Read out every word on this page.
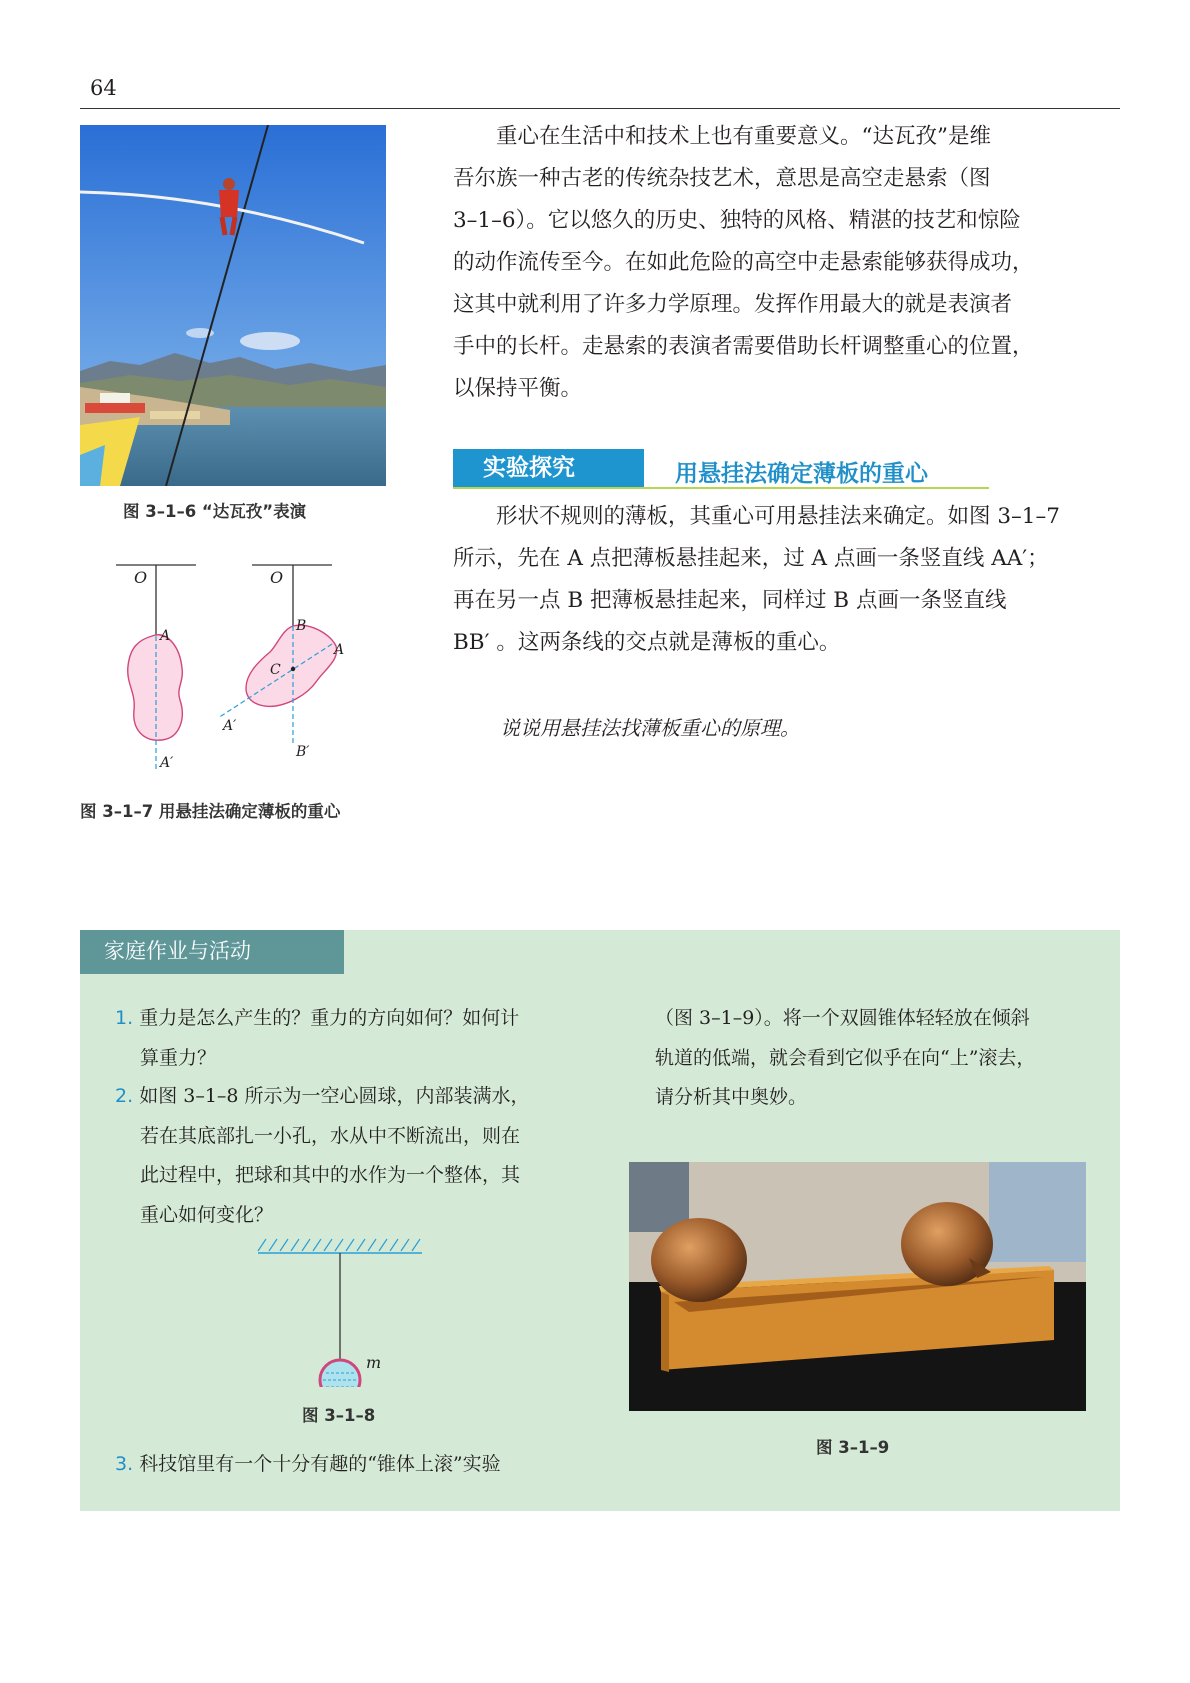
64
图 3–1–6 “达瓦孜”表演
O
A
A′
O
B
A
C
A′
B′
图 3–1–7 用悬挂法确定薄板的重心

重心在生活中和技术上也有重要意义。“达瓦孜”是维

吾尔族一种古老的传统杂技艺术，意思是高空走悬索（图

3–1–6）。它以悠久的历史、独特的风格、精湛的技艺和惊险

的动作流传至今。在如此危险的高空中走悬索能够获得成功，

这其中就利用了许多力学原理。发挥作用最大的就是表演者

手中的长杆。走悬索的表演者需要借助长杆调整重心的位置，

以保持平衡。

实验探究	用悬挂法确定薄板的重心

形状不规则的薄板，其重心可用悬挂法来确定。如图 3–1–7

所示，先在 A 点把薄板悬挂起来，过 A 点画一条竖直线 AA′；

再在另一点 B 把薄板悬挂起来，同样过 B 点画一条竖直线

BB′ 。这两条线的交点就是薄板的重心。

说说用悬挂法找薄板重心的原理。
家庭作业与活动

1. 重力是怎么产生的？重力的方向如何？如何计

算重力？

2. 如图 3–1–8 所示为一空心圆球，内部装满水，

若在其底部扎一小孔，水从中不断流出，则在

此过程中，把球和其中的水作为一个整体，其

重心如何变化？

m
图 3–1–8

3. 科技馆里有一个十分有趣的“锥体上滚”实验

（图 3–1–9）。将一个双圆锥体轻轻放在倾斜

轨道的低端，就会看到它似乎在向“上”滚去，

请分析其中奥妙。

图 3–1–9
